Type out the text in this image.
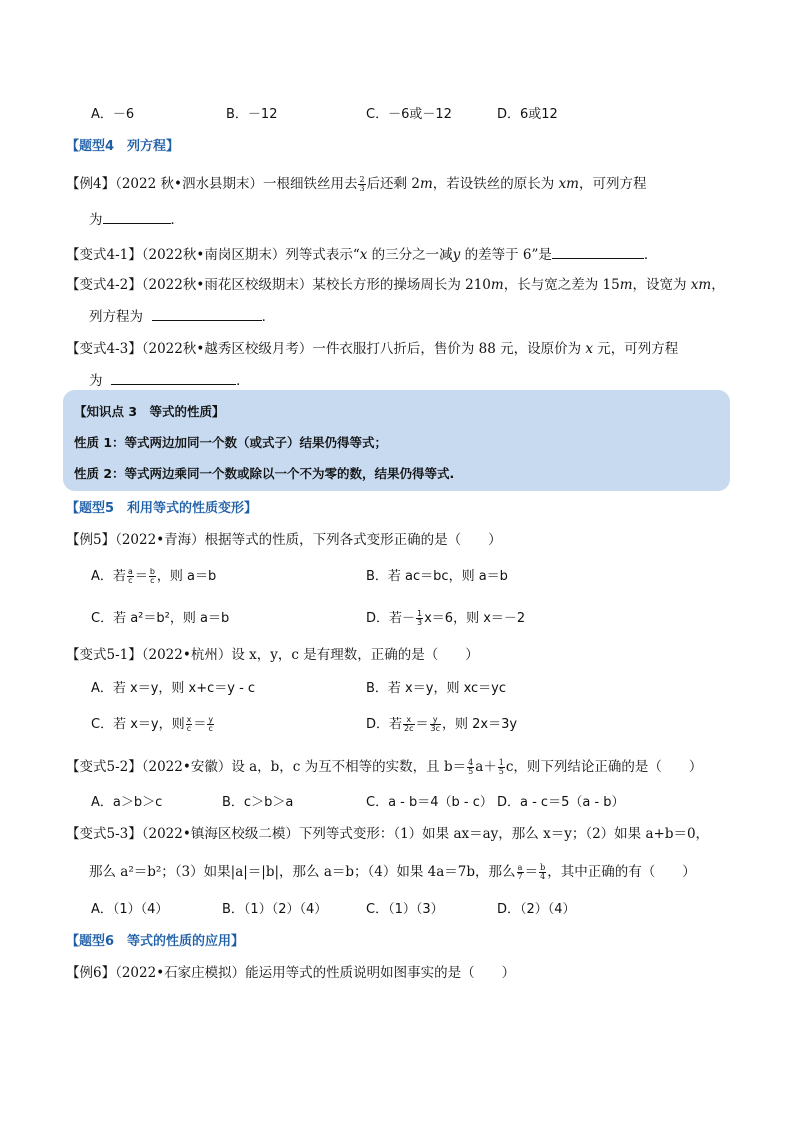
A．－6	B．－12	C．－6或－12	D．6或12
【题型4　列方程】
【例4】（2022 秋•泗水县期末）一根细铁丝用去 $\frac{2}{3}$ 后还剩 2m，若设铁丝的原长为 xm，可列方程
为	．
【变式4-1】（2022秋•南岗区期末）列等式表示“x 的三分之一减y 的差等于 6”是	．
【变式4-2】（2022秋•雨花区校级期末）某校长方形的操场周长为 210m，长与宽之差为 15m，设宽为 xm，
列方程为	．
【变式4-3】（2022秋•越秀区校级月考）一件衣服打八折后，售价为 88 元，设原价为 x 元，可列方程
为	．
【知识点 3　等式的性质】
性质 1：等式两边加同一个数（或式子）结果仍得等式；
性质 2：等式两边乘同一个数或除以一个不为零的数，结果仍得等式.
【题型5　利用等式的性质变形】
【例5】（2022•青海）根据等式的性质，下列各式变形正确的是（　　）
A．若 $\frac{a}{c} = \frac{b}{c}$ ，则 a＝b	B．若 ac＝bc，则 a＝b
C．若 a²＝b²，则 a＝b	D．若－ $\frac{1}{3} x=6$，则 x＝－2
【变式5-1】（2022•杭州）设 x，y，c 是有理数，正确的是（　　）
A．若 x＝y，则 x+c＝y - c	B．若 x＝y，则 xc＝yc
C．若 x＝y，则 $\frac{x}{c} = \frac{y}{c}$	D．若 $\frac{x}{2c} = \frac{y}{3c}$ ，则 2x＝3y
【变式5-2】（2022•安徽）设 a，b，c 为互不相等的实数，且 $b= \frac{4}{5} a+ \frac{1}{5}$ c，则下列结论正确的是（　　）
A．a＞b＞c	B．c＞b＞a	C．a - b＝4（b - c） D．a - c＝5（a - b）
【变式5-3】（2022•镇海区校级二模）下列等式变形：（1）如果 ax＝ay，那么 x＝y；（2）如果 a+b＝0，
那么 a²＝b²；（3）如果|a|＝|b|，那么 a＝b；（4）如果 4a＝7b，那么 $\frac{a}{7} = \frac{b}{4}$ ，其中正确的有（　　）
A．（1）（4）	B．（1）（2）（4）	C．（1）（3）	D．（2）（4）
【题型6　等式的性质的应用】
【例6】（2022•石家庄模拟）能运用等式的性质说明如图事实的是（　　）
